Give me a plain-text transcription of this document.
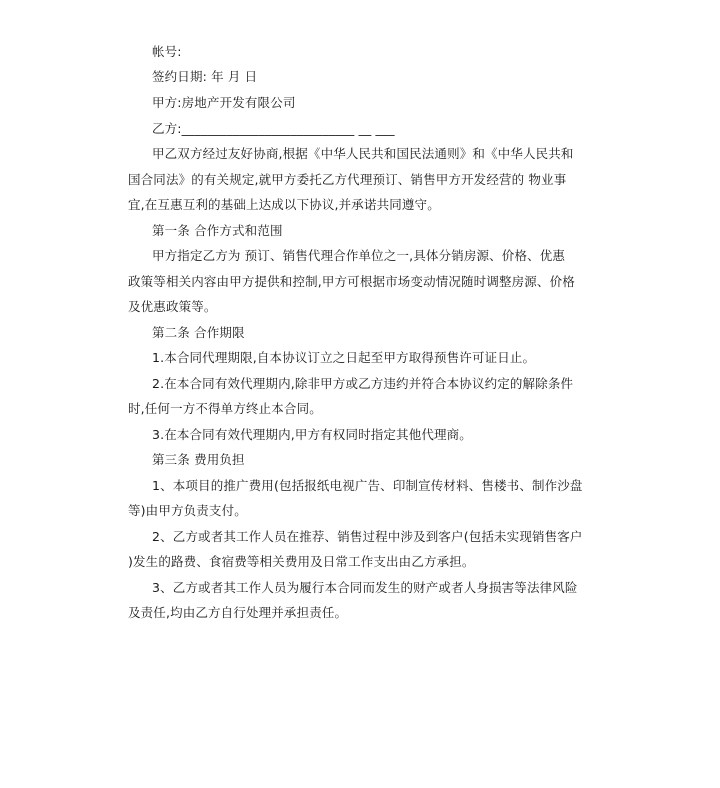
帐号:
签约日期: 年 月 日
甲方:房地产开发有限公司
乙方:___________________________ __ ___
甲乙双方经过友好协商,根据《中华人民共和国民法通则》和《中华人民共和
国合同法》的有关规定,就甲方委托乙方代理预订、销售甲方开发经营的 物业事
宜,在互惠互利的基础上达成以下协议,并承诺共同遵守。
第一条 合作方式和范围
甲方指定乙方为 预订、销售代理合作单位之一,具体分销房源、价格、优惠
政策等相关内容由甲方提供和控制,甲方可根据市场变动情况随时调整房源、价格
及优惠政策等。
第二条 合作期限
1.本合同代理期限,自本协议订立之日起至甲方取得预售许可证日止。
2.在本合同有效代理期内,除非甲方或乙方违约并符合本协议约定的解除条件
时,任何一方不得单方终止本合同。
3.在本合同有效代理期内,甲方有权同时指定其他代理商。
第三条 费用负担
1、本项目的推广费用(包括报纸电视广告、印制宣传材料、售楼书、制作沙盘
等)由甲方负责支付。
2、乙方或者其工作人员在推荐、销售过程中涉及到客户(包括未实现销售客户
)发生的路费、食宿费等相关费用及日常工作支出由乙方承担。
3、乙方或者其工作人员为履行本合同而发生的财产或者人身损害等法律风险
及责任,均由乙方自行处理并承担责任。
